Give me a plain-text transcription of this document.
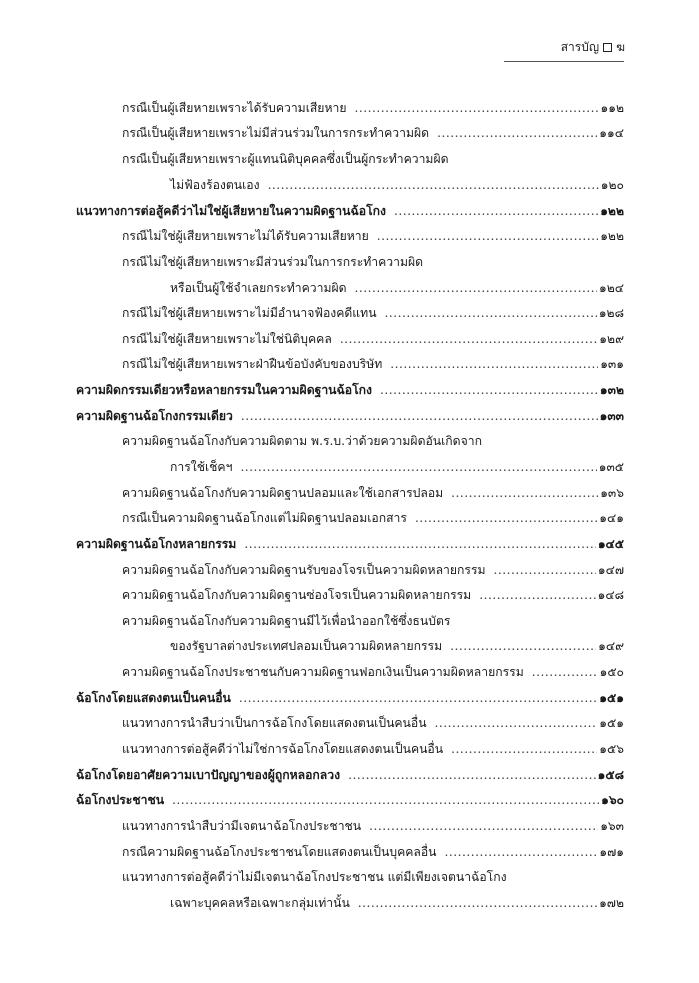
สารบัญ ฆ
กรณีเป็นผู้เสียหายเพราะได้รับความเสียหาย .....	๑๑๒
กรณีเป็นผู้เสียหายเพราะไม่มีส่วนร่วมในการกระทำความผิด .....	๑๑๔
กรณีเป็นผู้เสียหายเพราะผู้แทนนิติบุคคลซึ่งเป็นผู้กระทำความผิด
ไม่ฟ้องร้องตนเอง .....	๑๒๐
แนวทางการต่อสู้คดีว่าไม่ใช่ผู้เสียหายในความผิดฐานฉ้อโกง .....	๑๒๒
กรณีไม่ใช่ผู้เสียหายเพราะไม่ได้รับความเสียหาย .....	๑๒๒
กรณีไม่ใช่ผู้เสียหายเพราะมีส่วนร่วมในการกระทำความผิด
หรือเป็นผู้ใช้จำเลยกระทำความผิด .....	๑๒๔
กรณีไม่ใช่ผู้เสียหายเพราะไม่มีอำนาจฟ้องคดีแทน .....	๑๒๘
กรณีไม่ใช่ผู้เสียหายเพราะไม่ใช่นิติบุคคล .....	๑๒๙
กรณีไม่ใช่ผู้เสียหายเพราะฝ่าฝืนข้อบังคับของบริษัท .....	๑๓๑
ความผิดกรรมเดียวหรือหลายกรรมในความผิดฐานฉ้อโกง .....	๑๓๒
ความผิดฐานฉ้อโกงกรรมเดียว .....	๑๓๓
ความผิดฐานฉ้อโกงกับความผิดตาม พ.ร.บ.ว่าด้วยความผิดอันเกิดจาก
การใช้เช็คฯ .....	๑๓๕
ความผิดฐานฉ้อโกงกับความผิดฐานปลอมและใช้เอกสารปลอม .....	๑๓๖
กรณีเป็นความผิดฐานฉ้อโกงแต่ไม่ผิดฐานปลอมเอกสาร .....	๑๔๑
ความผิดฐานฉ้อโกงหลายกรรม .....	๑๔๕
ความผิดฐานฉ้อโกงกับความผิดฐานรับของโจรเป็นความผิดหลายกรรม .....	๑๔๗
ความผิดฐานฉ้อโกงกับความผิดฐานซ่องโจรเป็นความผิดหลายกรรม .....	๑๔๘
ความผิดฐานฉ้อโกงกับความผิดฐานมีไว้เพื่อนำออกใช้ซึ่งธนบัตร
ของรัฐบาลต่างประเทศปลอมเป็นความผิดหลายกรรม .....	๑๔๙
ความผิดฐานฉ้อโกงประชาชนกับความผิดฐานฟอกเงินเป็นความผิดหลายกรรม .....	๑๕๐
ฉ้อโกงโดยแสดงตนเป็นคนอื่น .....	๑๕๑
แนวทางการนำสืบว่าเป็นการฉ้อโกงโดยแสดงตนเป็นคนอื่น .....	๑๕๑
แนวทางการต่อสู้คดีว่าไม่ใช่การฉ้อโกงโดยแสดงตนเป็นคนอื่น .....	๑๕๖
ฉ้อโกงโดยอาศัยความเบาปัญญาของผู้ถูกหลอกลวง .....	๑๕๘
ฉ้อโกงประชาชน .....	๑๖๐
แนวทางการนำสืบว่ามีเจตนาฉ้อโกงประชาชน .....	๑๖๓
กรณีความผิดฐานฉ้อโกงประชาชนโดยแสดงตนเป็นบุคคลอื่น .....	๑๗๑
แนวทางการต่อสู้คดีว่าไม่มีเจตนาฉ้อโกงประชาชน แต่มีเพียงเจตนาฉ้อโกง
เฉพาะบุคคลหรือเฉพาะกลุ่มเท่านั้น .....	๑๗๒
